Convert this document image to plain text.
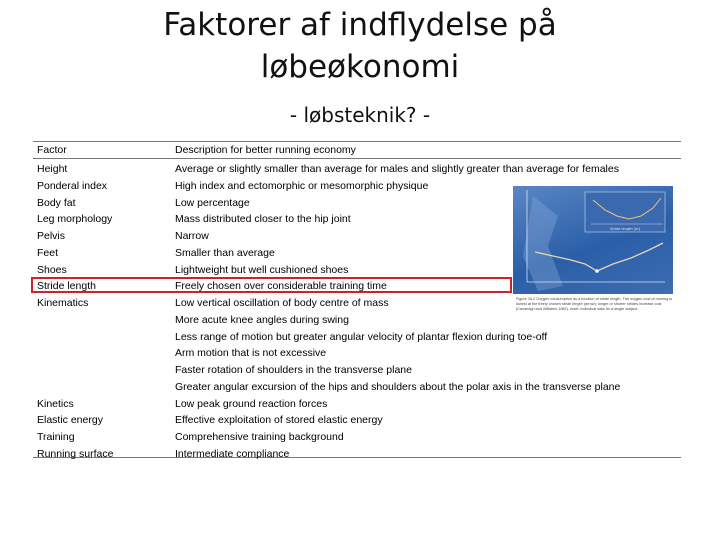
Faktorer af indflydelse på
løbeøkonomi
- løbsteknik? -
Factor	Description for better running economy
Height	Average or slightly smaller than average for males and slightly greater than average for females
Ponderal index	High index and ectomorphic or mesomorphic physique
Body fat	Low percentage
Leg morphology	Mass distributed closer to the hip joint
Pelvis	Narrow
Feet	Smaller than average
Shoes	Lightweight but well cushioned shoes
Stride length	Freely chosen over considerable training time
Kinematics	Low vertical oscillation of body centre of mass
More acute knee angles during swing
Less range of motion but greater angular velocity of plantar flexion during toe-off
Arm motion that is not excessive
Faster rotation of shoulders in the transverse plane
Greater angular excursion of the hips and shoulders about the polar axis in the transverse plane
Kinetics	Low peak ground reaction forces
Elastic energy	Effective exploitation of stored elastic energy
Training	Comprehensive training background
Running surface	Intermediate compliance
Stride length (m)
Figure 16.2 Oxygen consumption as a function of stride length. The oxygen cost of running is lowest at the freely chosen stride length (arrow); longer or shorter strides increase cost (Cavanagh and Williams 1982). Inset: individual data for a single subject.
